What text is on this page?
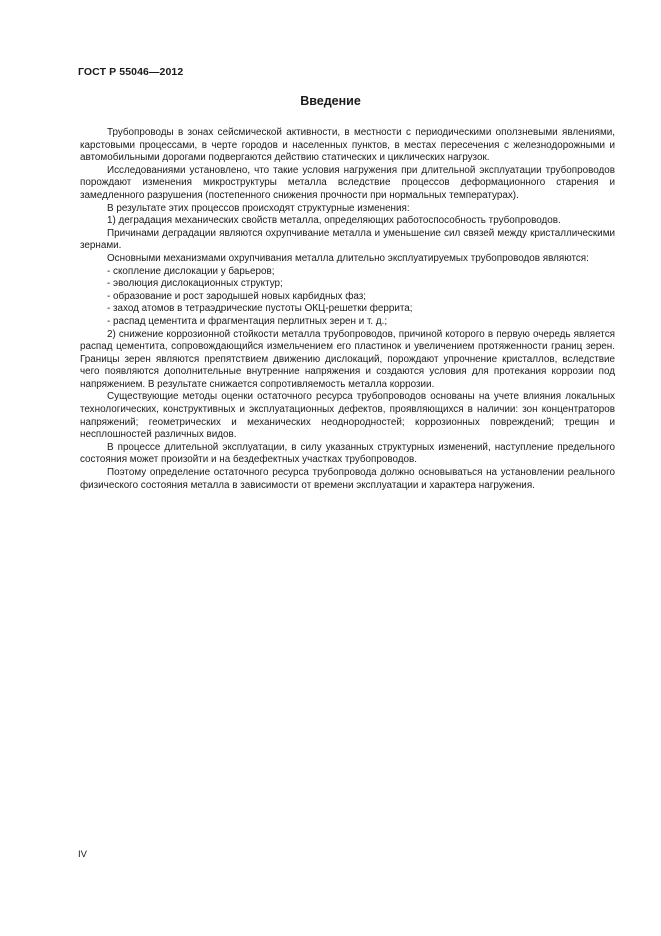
ГОСТ Р 55046—2012
Введение

Трубопроводы в зонах сейсмической активности, в местности с периодическими оползневыми явлениями, карстовыми процессами, в черте городов и населенных пунктов, в местах пересечения с железнодорожными и автомобильными дорогами подвергаются действию статических и циклических нагрузок.

Исследованиями установлено, что такие условия нагружения при длительной эксплуатации трубопроводов порождают изменения микроструктуры металла вследствие процессов деформационного старения и замедленного разрушения (постепенного снижения прочности при нормальных температурах).

В результате этих процессов происходят структурные изменения:

1) деградация механических свойств металла, определяющих работоспособность трубопроводов.

Причинами деградации являются охрупчивание металла и уменьшение сил связей между кристаллическими зернами.

Основными механизмами охрупчивания металла длительно эксплуатируемых трубопроводов являются:

- скопление дислокации у барьеров;

- эволюция дислокационных структур;

- образование и рост зародышей новых карбидных фаз;

- заход атомов в тетраэдрические пустоты ОКЦ-решетки феррита;

- распад цементита и фрагментация перлитных зерен и т. д.;

2) снижение коррозионной стойкости металла трубопроводов, причиной которого в первую очередь является распад цементита, сопровождающийся измельчением его пластинок и увеличением протяженности границ зерен. Границы зерен являются препятствием движению дислокаций, порождают упрочнение кристаллов, вследствие чего появляются дополнительные внутренние напряжения и создаются условия для протекания коррозии под напряжением. В результате снижается сопротивляемость металла коррозии.

Существующие методы оценки остаточного ресурса трубопроводов основаны на учете влияния локальных технологических, конструктивных и эксплуатационных дефектов, проявляющихся в наличии: зон концентраторов напряжений; геометрических и механических неоднородностей; коррозионных повреждений; трещин и несплошностей различных видов.

В процессе длительной эксплуатации, в силу указанных структурных изменений, наступление предельного состояния может произойти и на бездефектных участках трубопроводов.

Поэтому определение остаточного ресурса трубопровода должно основываться на установлении реального физического состояния металла в зависимости от времени эксплуатации и характера нагружения.

IV
